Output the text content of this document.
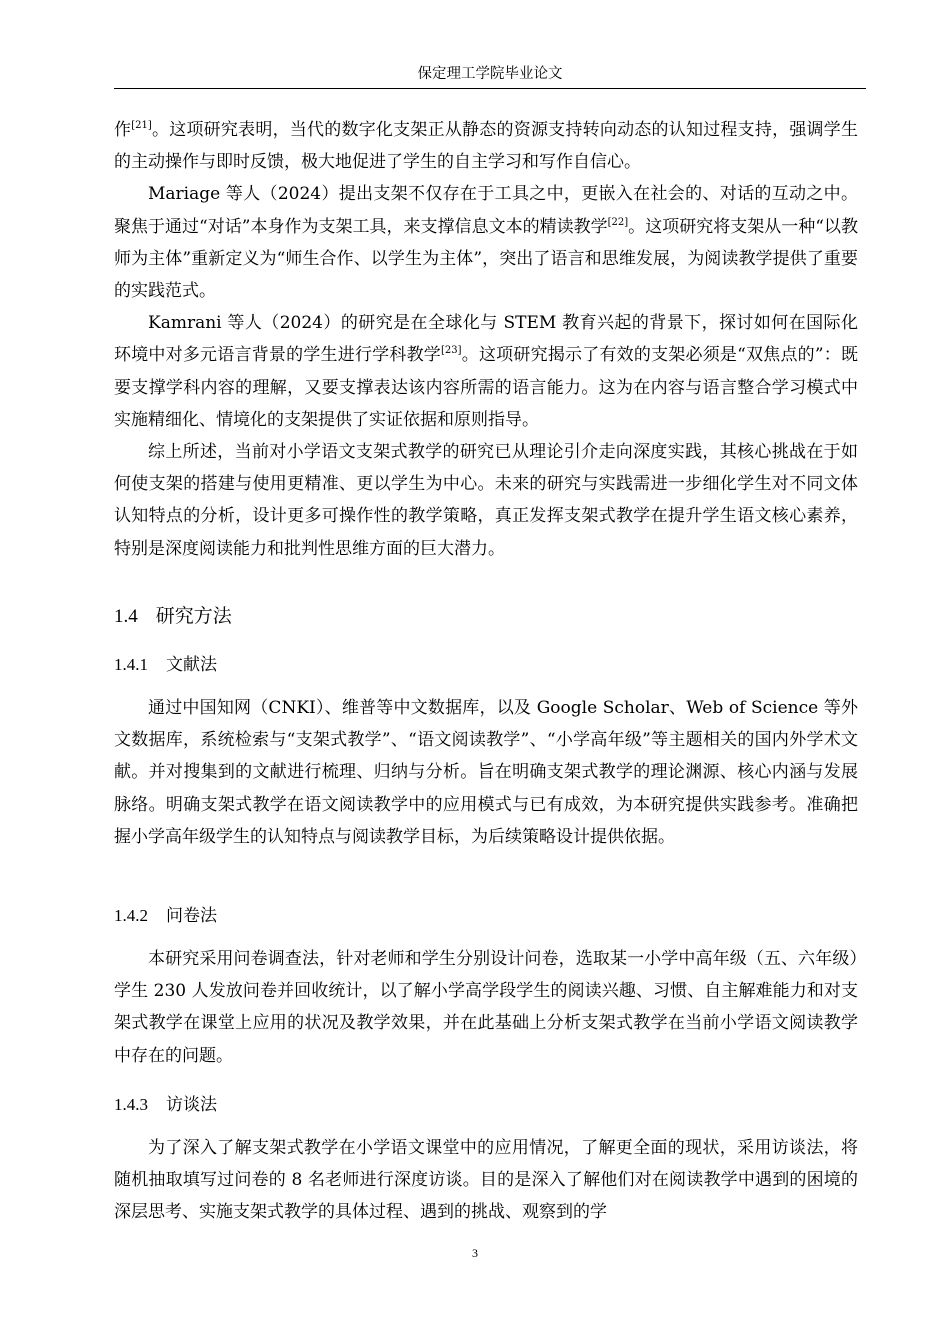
保定理工学院毕业论文

作[21]。这项研究表明，当代的数字化支架正从静态的资源支持转向动态的认知过程支持，强调学生的主动操作与即时反馈，极大地促进了学生的自主学习和写作自信心。

Mariage 等人（2024）提出支架不仅存在于工具之中，更嵌入在社会的、对话的互动之中。聚焦于通过“对话”本身作为支架工具，来支撑信息文本的精读教学[22]。这项研究将支架从一种“以教师为主体”重新定义为“师生合作、以学生为主体”，突出了语言和思维发展，为阅读教学提供了重要的实践范式。

Kamrani 等人（2024）的研究是在全球化与 STEM 教育兴起的背景下，探讨如何在国际化环境中对多元语言背景的学生进行学科教学[23]。这项研究揭示了有效的支架必须是“双焦点的”：既要支撑学科内容的理解，又要支撑表达该内容所需的语言能力。这为在内容与语言整合学习模式中实施精细化、情境化的支架提供了实证依据和原则指导。

综上所述，当前对小学语文支架式教学的研究已从理论引介走向深度实践，其核心挑战在于如何使支架的搭建与使用更精准、更以学生为中心。未来的研究与实践需进一步细化学生对不同文体认知特点的分析，设计更多可操作性的教学策略，真正发挥支架式教学在提升学生语文核心素养，特别是深度阅读能力和批判性思维方面的巨大潜力。

1.4 研究方法
1.4.1 文献法

通过中国知网（CNKI）、维普等中文数据库，以及 Google Scholar、Web of Science 等外文数据库，系统检索与“支架式教学”、“语文阅读教学”、“小学高年级”等主题相关的国内外学术文献。并对搜集到的文献进行梳理、归纳与分析。旨在明确支架式教学的理论渊源、核心内涵与发展脉络。明确支架式教学在语文阅读教学中的应用模式与已有成效，为本研究提供实践参考。准确把握小学高年级学生的认知特点与阅读教学目标，为后续策略设计提供依据。

1.4.2 问卷法

本研究采用问卷调查法，针对老师和学生分别设计问卷，选取某一小学中高年级（五、六年级）学生 230 人发放问卷并回收统计，以了解小学高学段学生的阅读兴趣、习惯、自主解难能力和对支架式教学在课堂上应用的状况及教学效果，并在此基础上分析支架式教学在当前小学语文阅读教学中存在的问题。

1.4.3 访谈法

为了深入了解支架式教学在小学语文课堂中的应用情况，了解更全面的现状，采用访谈法，将随机抽取填写过问卷的 8 名老师进行深度访谈。目的是深入了解他们对在阅读教学中遇到的困境的深层思考、实施支架式教学的具体过程、遇到的挑战、观察到的学

3
